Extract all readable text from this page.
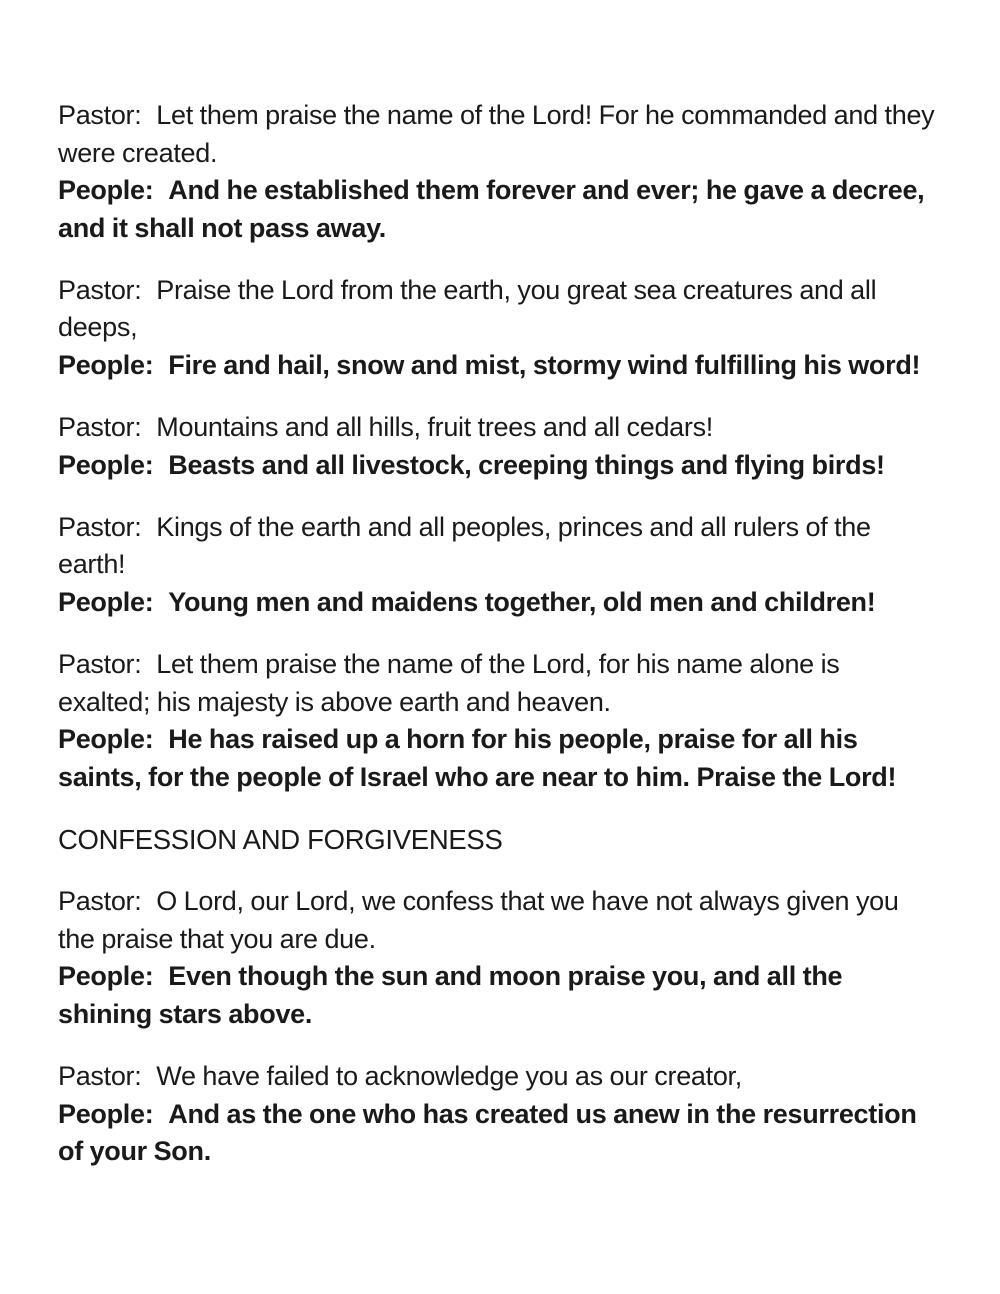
Pastor: Let them praise the name of the Lord! For he commanded and they were created.
People: And he established them forever and ever; he gave a decree, and it shall not pass away.
Pastor: Praise the Lord from the earth, you great sea creatures and all deeps,
People: Fire and hail, snow and mist, stormy wind fulfilling his word!
Pastor: Mountains and all hills, fruit trees and all cedars!
People: Beasts and all livestock, creeping things and flying birds!
Pastor: Kings of the earth and all peoples, princes and all rulers of the earth!
People: Young men and maidens together, old men and children!
Pastor: Let them praise the name of the Lord, for his name alone is exalted; his majesty is above earth and heaven.
People: He has raised up a horn for his people, praise for all his saints, for the people of Israel who are near to him. Praise the Lord!
CONFESSION AND FORGIVENESS
Pastor: O Lord, our Lord, we confess that we have not always given you the praise that you are due.
People: Even though the sun and moon praise you, and all the shining stars above.
Pastor: We have failed to acknowledge you as our creator,
People: And as the one who has created us anew in the resurrection of your Son.
